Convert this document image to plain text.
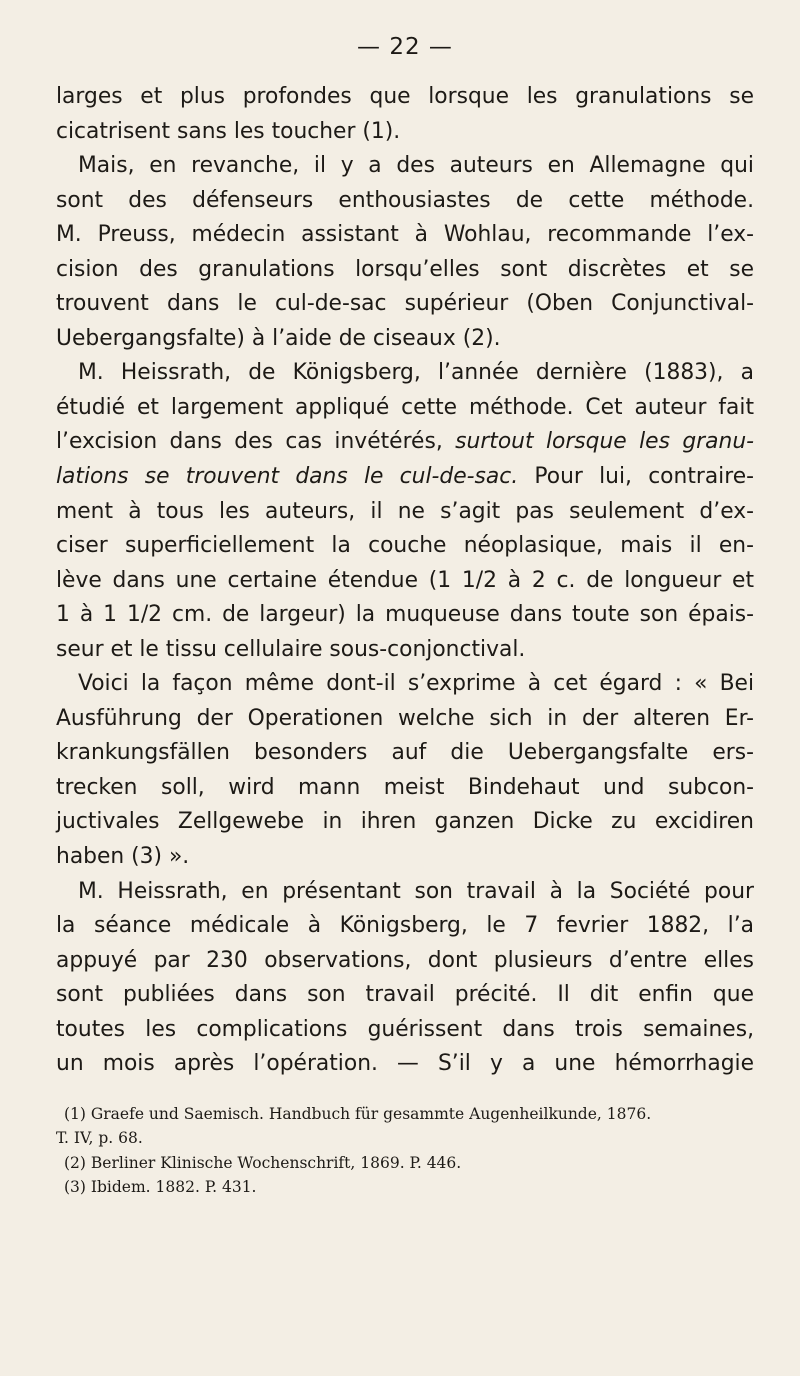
— 22 —

larges et plus profondes que lorsque les granulations se
cicatrisent sans les toucher (1).

Mais, en revanche, il y a des auteurs en Allemagne qui
sont des défenseurs enthousiastes de cette méthode.
M. Preuss, médecin assistant à Wohlau, recommande l’ex-
cision des granulations lorsqu’elles sont discrètes et se
trouvent dans le cul-de-sac supérieur (Oben Conjunctival-
Uebergangsfalte) à l’aide de ciseaux (2).

M. Heissrath, de Königsberg, l’année dernière (1883), a
étudié et largement appliqué cette méthode. Cet auteur fait
l’excision dans des cas invétérés, surtout lorsque les granu-
lations se trouvent dans le cul-de-sac. Pour lui, contraire-
ment à tous les auteurs, il ne s’agit pas seulement d’ex-
ciser superficiellement la couche néoplasique, mais il en-
lève dans une certaine étendue (1 1/2 à 2 c. de longueur et
1 à 1 1/2 cm. de largeur) la muqueuse dans toute son épais-
seur et le tissu cellulaire sous-conjonctival.

Voici la façon même dont-il s’exprime à cet égard : « Bei
Ausführung der Operationen welche sich in der alteren Er-
krankungsfällen besonders auf die Uebergangsfalte ers-
trecken soll, wird mann meist Bindehaut und subcon-
juctivales Zellgewebe in ihren ganzen Dicke zu excidiren
haben (3) ».

M. Heissrath, en présentant son travail à la Société pour
la séance médicale à Königsberg, le 7 fevrier 1882, l’a
appuyé par 230 observations, dont plusieurs d’entre elles
sont publiées dans son travail précité. Il dit enfin que
toutes les complications guérissent dans trois semaines,
un mois après l’opération. — S’il y a une hémorrhagie

(1) Graefe und Saemisch. Handbuch für gesammte Augenheilkunde, 1876.
T. IV, p. 68.
(2) Berliner Klinische Wochenschrift, 1869. P. 446.
(3) Ibidem. 1882. P. 431.
